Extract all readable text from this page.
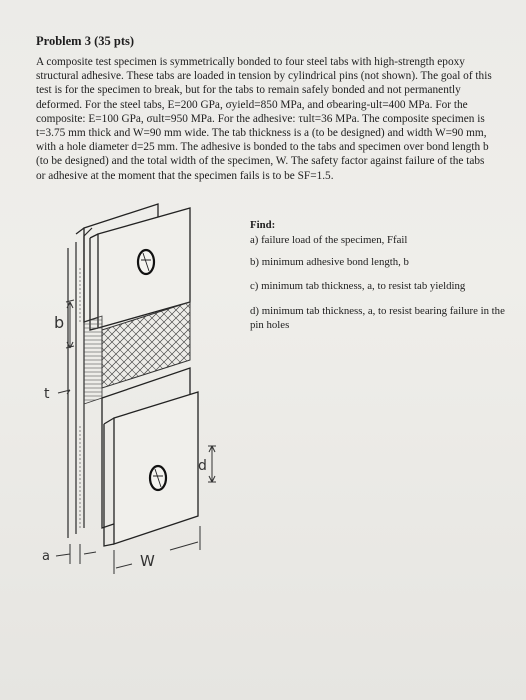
Problem 3 (35 pts)

A composite test specimen is symmetrically bonded to four steel tabs with high-strength epoxy structural adhesive. These tabs are loaded in tension by cylindrical pins (not shown). The goal of this test is for the specimen to break, but for the tabs to remain safely bonded and not permanently deformed. For the steel tabs, E=200 GPa, σyield=850 MPa, and σbearing-ult=400 MPa. For the composite: E=100 GPa, σult=950 MPa. For the adhesive: τult=36 MPa. The composite specimen is t=3.75 mm thick and W=90 mm wide. The tab thickness is a (to be designed) and width W=90 mm, with a hole diameter d=25 mm. The adhesive is bonded to the tabs and specimen over bond length b (to be designed) and the total width of the specimen, W. The safety factor against failure of the tabs or adhesive at the moment that the specimen fails is to be SF=1.5.

b
t
d
a	W
Find:
a) failure load of the specimen, Ffail
b) minimum adhesive bond length, b
c) minimum tab thickness, a, to resist tab yielding
d) minimum tab thickness, a, to resist bearing failure in the pin holes
